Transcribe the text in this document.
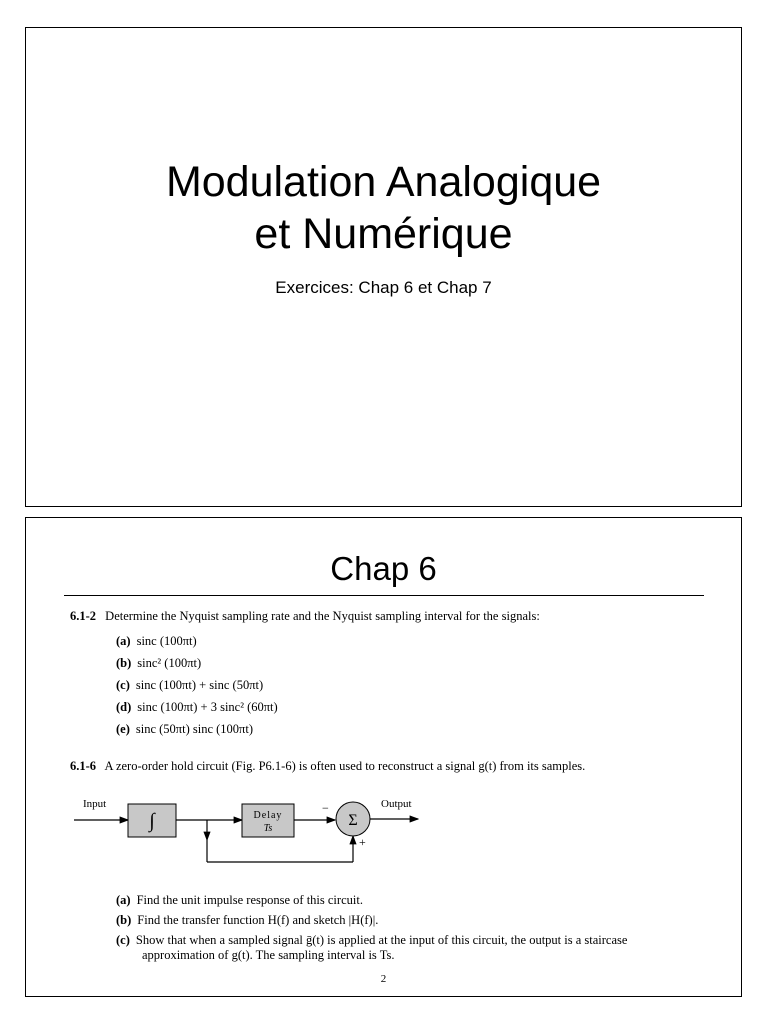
Modulation Analogique
et Numérique
Exercices: Chap 6 et Chap 7
Chap 6
6.1-2 Determine the Nyquist sampling rate and the Nyquist sampling interval for the signals:
(a) sinc (100πt)
(b) sinc² (100πt)
(c) sinc (100πt) + sinc (50πt)
(d) sinc (100πt) + 3 sinc² (60πt)
(e) sinc (50πt) sinc (100πt)
6.1-6 A zero-order hold circuit (Fig. P6.1-6) is often used to reconstruct a signal g(t) from its samples.
Input	Output
∫	Delay
Ts	Σ
−
+
(a) Find the unit impulse response of this circuit.
(b) Find the transfer function H(f) and sketch |H(f)|.
(c) Show that when a sampled signal ḡ(t) is applied at the input of this circuit, the output is a staircase approximation of g(t). The sampling interval is Ts.
2
